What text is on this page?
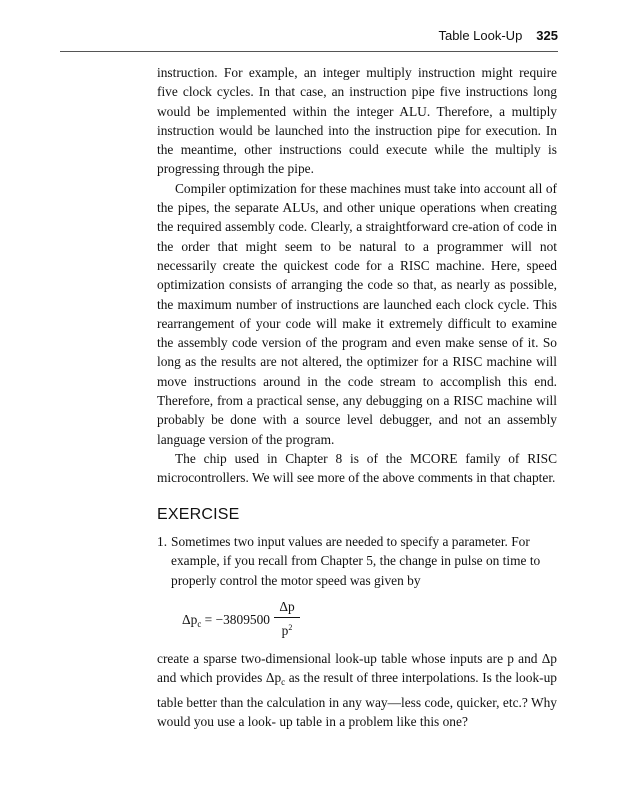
Table Look-Up 325

instruction. For example, an integer multiply instruction might require five clock cycles. In that case, an instruction pipe five instructions long would be implemented within the integer ALU. Therefore, a multiply instruction would be launched into the instruction pipe for execution. In the meantime, other instructions could execute while the multiply is progressing through the pipe.

Compiler optimization for these machines must take into account all of the pipes, the separate ALUs, and other unique operations when creating the required assembly code. Clearly, a straightforward cre-ation of code in the order that might seem to be natural to a programmer will not necessarily create the quickest code for a RISC machine. Here, speed optimization consists of arranging the code so that, as nearly as possible, the maximum number of instructions are launched each clock cycle. This rearrangement of your code will make it extremely difficult to examine the assembly code version of the program and even make sense of it. So long as the results are not altered, the optimizer for a RISC machine will move instructions around in the code stream to accomplish this end. Therefore, from a practical sense, any debugging on a RISC machine will probably be done with a source level debugger, and not an assembly language version of the program.

The chip used in Chapter 8 is of the MCORE family of RISC microcontrollers. We will see more of the above comments in that chapter.

EXERCISE
1. Sometimes two input values are needed to specify a parameter. For example, if you recall from Chapter 5, the change in pulse on time to properly control the motor speed was given by
$\Delta p_c = -3809500$
Δp
$p^2$
create a sparse two-dimensional look-up table whose inputs are p and Δp and which provides $\Delta p_c$ as the result of three interpolations. Is the look-up table better than the calculation in any way—less code, quicker, etc.? Why would you use a look- up table in a problem like this one?
